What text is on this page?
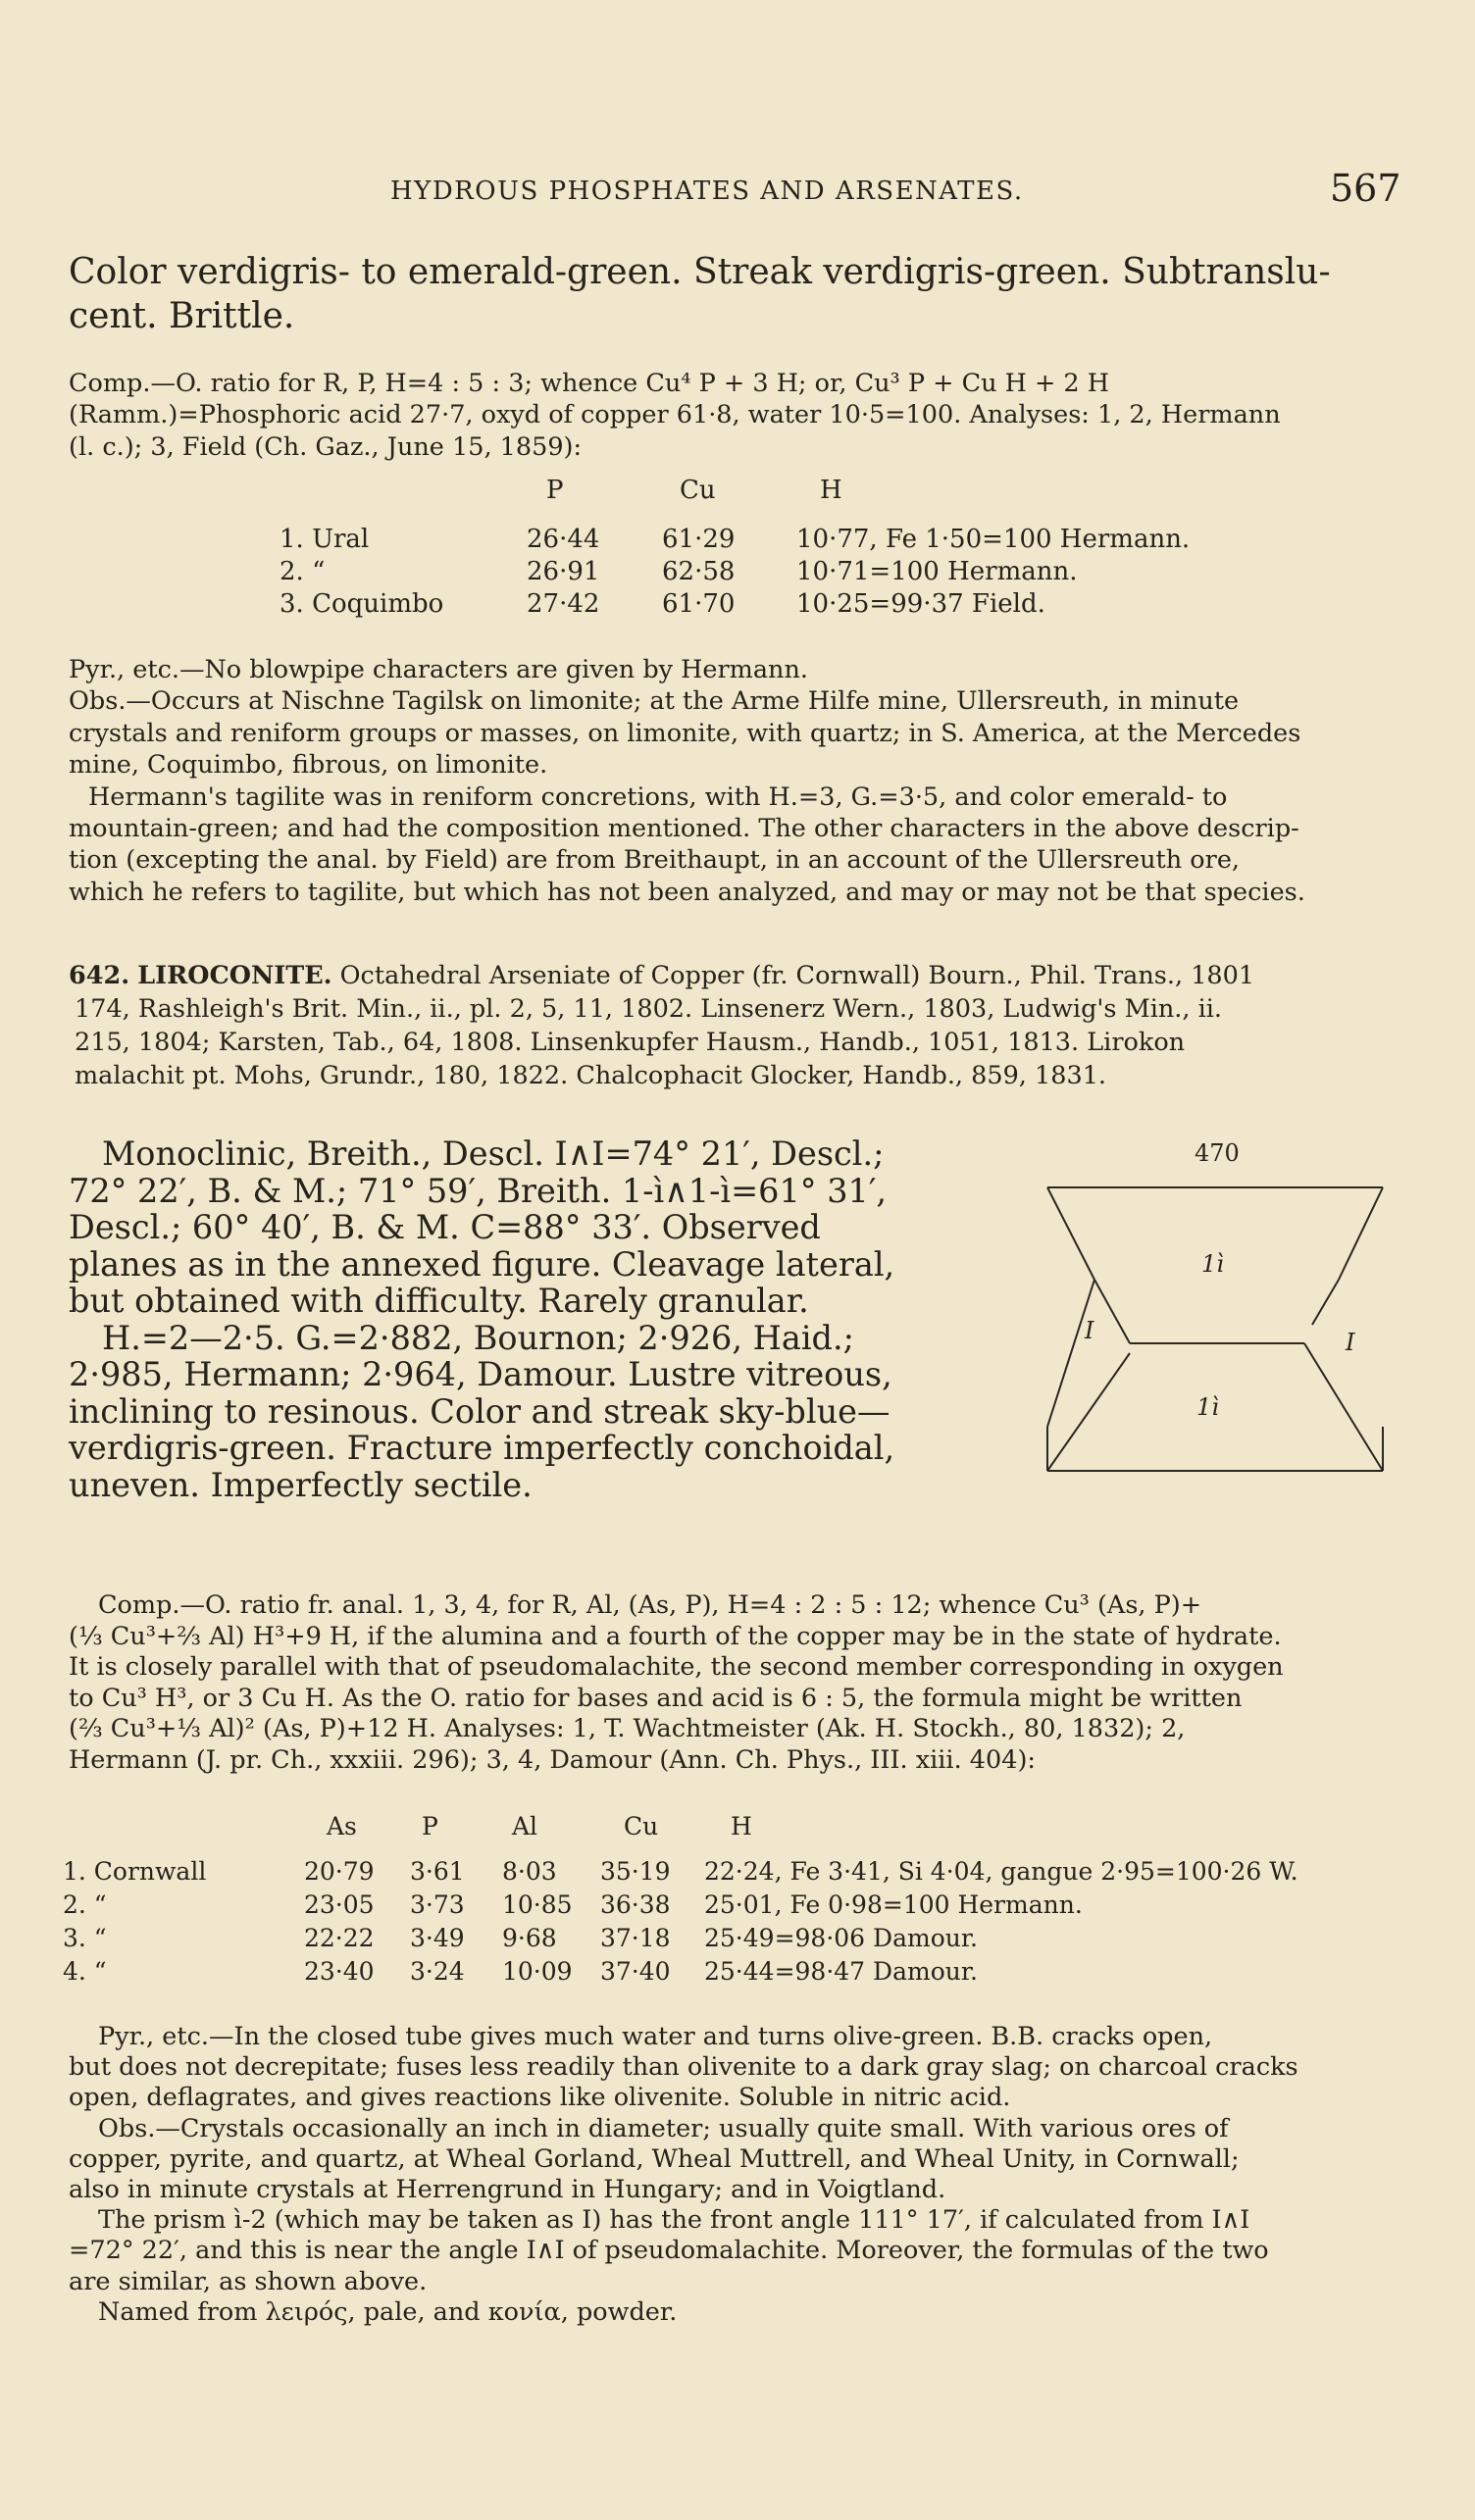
HYDROUS PHOSPHATES AND ARSENATES.	567
Color verdigris- to emerald-green. Streak verdigris-green. Subtranslu-
cent. Brittle.
Comp.—O. ratio for R, P, H=4 : 5 : 3; whence Cu⁴ P + 3 H; or, Cu³ P + Cu H + 2 H
(Ramm.)=Phosphoric acid 27·7, oxyd of copper 61·8, water 10·5=100. Analyses: 1, 2, Hermann
(l. c.); 3, Field (Ch. Gaz., June 15, 1859):
P	Cu	H
1. Ural	26·44 61·29 10·77, Fe 1·50=100 Hermann.
2. “	26·91 62·58 10·71=100 Hermann.
3. Coquimbo	27·42 61·70 10·25=99·37 Field.
Pyr., etc.—No blowpipe characters are given by Hermann.
Obs.—Occurs at Nischne Tagilsk on limonite; at the Arme Hilfe mine, Ullersreuth, in minute
crystals and reniform groups or masses, on limonite, with quartz; in S. America, at the Mercedes
mine, Coquimbo, fibrous, on limonite.
Hermann's tagilite was in reniform concretions, with H.=3, G.=3·5, and color emerald- to
mountain-green; and had the composition mentioned. The other characters in the above descrip-
tion (excepting the anal. by Field) are from Breithaupt, in an account of the Ullersreuth ore,
which he refers to tagilite, but which has not been analyzed, and may or may not be that species.
642. LIROCONITE. Octahedral Arseniate of Copper (fr. Cornwall) Bourn., Phil. Trans., 1801
174, Rashleigh's Brit. Min., ii., pl. 2, 5, 11, 1802. Linsenerz Wern., 1803, Ludwig's Min., ii.
215, 1804; Karsten, Tab., 64, 1808. Linsenkupfer Hausm., Handb., 1051, 1813. Lirokon
malachit pt. Mohs, Grundr., 180, 1822. Chalcophacit Glocker, Handb., 859, 1831.
Monoclinic, Breith., Descl. I∧I=74° 21′, Descl.;
72° 22′, B. & M.; 71° 59′, Breith. 1-ì∧1-ì=61° 31′,
Descl.; 60° 40′, B. & M. C=88° 33′. Observed
planes as in the annexed figure. Cleavage lateral,
but obtained with difficulty. Rarely granular.
H.=2—2·5. G.=2·882, Bournon; 2·926, Haid.;
2·985, Hermann; 2·964, Damour. Lustre vitreous,
inclining to resinous. Color and streak sky-blue—
verdigris-green. Fracture imperfectly conchoidal,
uneven. Imperfectly sectile.
470
1ì
1ì
I	I
Comp.—O. ratio fr. anal. 1, 3, 4, for R, Al, (As, P), H=4 : 2 : 5 : 12; whence Cu³ (As, P)+
(⅓ Cu³+⅔ Al) H³+9 H, if the alumina and a fourth of the copper may be in the state of hydrate.
It is closely parallel with that of pseudomalachite, the second member corresponding in oxygen
to Cu³ H³, or 3 Cu H. As the O. ratio for bases and acid is 6 : 5, the formula might be written
(⅔ Cu³+⅓ Al)² (As, P)+12 H. Analyses: 1, T. Wachtmeister (Ak. H. Stockh., 80, 1832); 2,
Hermann (J. pr. Ch., xxxiii. 296); 3, 4, Damour (Ann. Ch. Phys., III. xiii. 404):
As	P	Al	Cu	H
1. Cornwall	20·79 3·61 8·03 35·19 22·24, Fe 3·41, Si 4·04, gangue 2·95=100·26 W.
2. “	23·05 3·73 10·85 36·38 25·01, Fe 0·98=100 Hermann.
3. “	22·22 3·49 9·68 37·18 25·49=98·06 Damour.
4. “	23·40 3·24 10·09 37·40 25·44=98·47 Damour.
Pyr., etc.—In the closed tube gives much water and turns olive-green. B.B. cracks open,
but does not decrepitate; fuses less readily than olivenite to a dark gray slag; on charcoal cracks
open, deflagrates, and gives reactions like olivenite. Soluble in nitric acid.
Obs.—Crystals occasionally an inch in diameter; usually quite small. With various ores of
copper, pyrite, and quartz, at Wheal Gorland, Wheal Muttrell, and Wheal Unity, in Cornwall;
also in minute crystals at Herrengrund in Hungary; and in Voigtland.
The prism ì-2 (which may be taken as I) has the front angle 111° 17′, if calculated from I∧I
=72° 22′, and this is near the angle I∧I of pseudomalachite. Moreover, the formulas of the two
are similar, as shown above.
Named from λειρός, pale, and κονία, powder.
